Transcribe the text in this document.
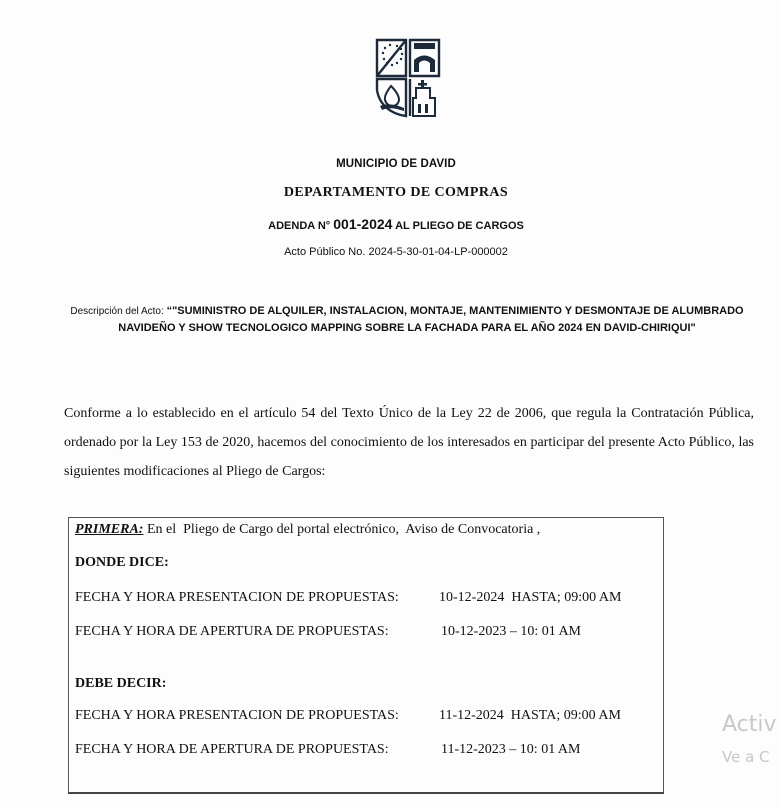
MUNICIPIO DE DAVID
DEPARTAMENTO DE COMPRAS
ADENDA N° 001-2024 AL PLIEGO DE CARGOS
Acto Público No. 2024-5-30-01-04-LP-000002
Descripción del Acto: “"SUMINISTRO DE ALQUILER, INSTALACION, MONTAJE, MANTENIMIENTO Y DESMONTAJE DE ALUMBRADO NAVIDEÑO Y SHOW TECNOLOGICO MAPPING SOBRE LA FACHADA PARA EL AÑO 2024 EN DAVID-CHIRIQUI"
Conforme a lo establecido en el artículo 54 del Texto Único de la Ley 22 de 2006, que regula la Contratación Pública, ordenado por la Ley 153 de 2020, hacemos del conocimiento de los interesados en participar del presente Acto Público, las siguientes modificaciones al Pliego de Cargos:
PRIMERA: En el  Pliego de Cargo del portal electrónico,  Aviso de Convocatoria ,
DONDE DICE:
FECHA Y HORA PRESENTACION DE PROPUESTAS:	10-12-2024  HASTA; 09:00 AM
FECHA Y HORA DE APERTURA DE PROPUESTAS:	10-12-2023 – 10: 01 AM
DEBE DECIR:
FECHA Y HORA PRESENTACION DE PROPUESTAS:	11-12-2024  HASTA; 09:00 AM
FECHA Y HORA DE APERTURA DE PROPUESTAS:	11-12-2023 – 10: 01 AM
Activ
Ve a C
